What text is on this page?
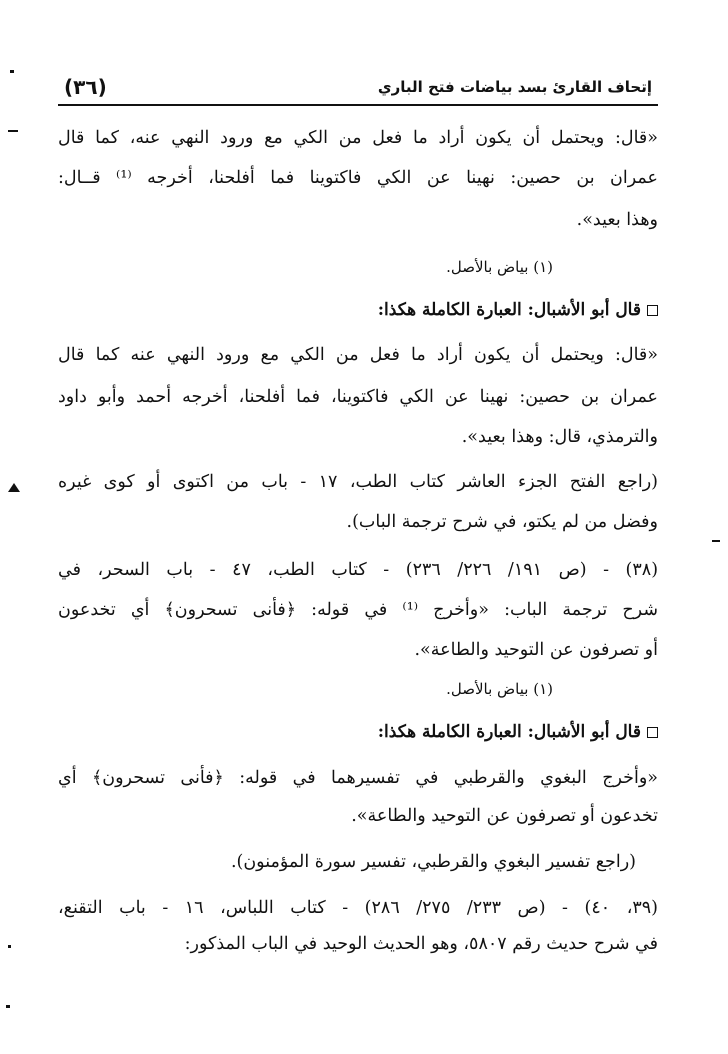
إتحاف القارئ بسد بياضات فتح الباري
(٣٦)
«قال: ويحتمل أن يكون أراد ما فعل من الكي مع ورود النهي عنه، كما قال
عمران بن حصين: نهينا عن الكي فاكتوينا فما أفلحنا، أخرجه ⁽¹⁾ قــال:
وهذا بعيد».
(١) بياض بالأصل.
قال أبو الأشبال: العبارة الكاملة هكذا:
«قال: ويحتمل أن يكون أراد ما فعل من الكي مع ورود النهي عنه كما قال
عمران بن حصين: نهينا عن الكي فاكتوينا، فما أفلحنا، أخرجه أحمد وأبو داود
والترمذي، قال: وهذا بعيد».
(راجع الفتح الجزء العاشر كتاب الطب، ١٧ - باب من اكتوى أو كوى غيره
وفضل من لم يكتو، في شرح ترجمة الباب).
(٣٨) - (ص ١٩١/ ٢٢٦/ ٢٣٦) - كتاب الطب، ٤٧ - باب السحر، في
شرح ترجمة الباب: «وأخرج ⁽¹⁾ في قوله: ﴿فأنى تسحرون﴾ أي تخدعون
أو تصرفون عن التوحيد والطاعة».
(١) بياض بالأصل.
قال أبو الأشبال: العبارة الكاملة هكذا:
«وأخرج البغوي والقرطبي في تفسيرهما في قوله: ﴿فأنى تسحرون﴾ أي
تخدعون أو تصرفون عن التوحيد والطاعة».
(راجع تفسير البغوي والقرطبي، تفسير سورة المؤمنون).
(٣٩، ٤٠) - (ص ٢٣٣/ ٢٧٥/ ٢٨٦) - كتاب اللباس، ١٦ - باب التقنع،
في شرح حديث رقم ٥٨٠٧، وهو الحديث الوحيد في الباب المذكور:
